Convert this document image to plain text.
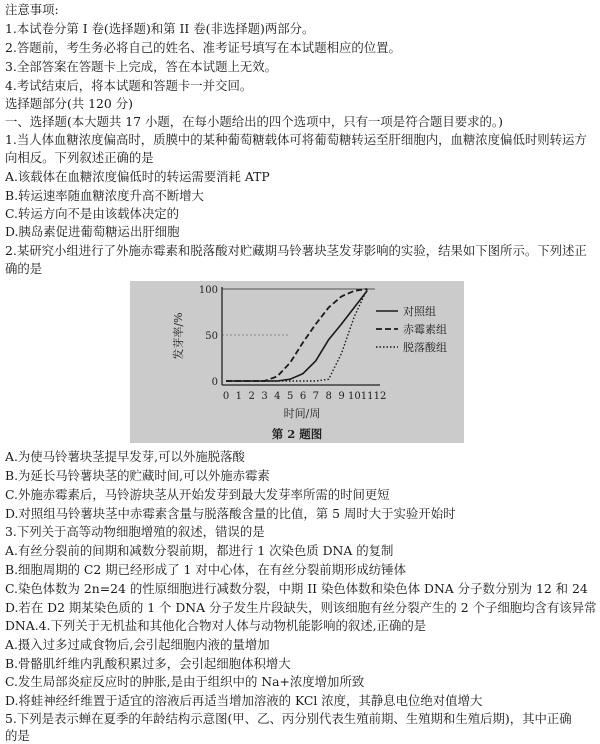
注意事项:
1.本试卷分第 I 卷(选择题)和第 II 卷(非选择题)两部分。
2.答题前，考生务必将自己的姓名、准考证号填写在本试题相应的位置。
3.全部答案在答题卡上完成，答在本试题上无效。
4.考试结束后，将本试题和答题卡一并交回。
选择题部分(共 120 分)
一、选择题(本大题共 17 小题，在每小题给出的四个选项中，只有一项是符合题目要求的。)
1.当人体血糖浓度偏高时，质膜中的某种葡萄糖载体可将葡萄糖转运至肝细胞内，血糖浓度偏低时则转运方
向相反。下列叙述正确的是
A.该载体在血糖浓度偏低时的转运需要消耗 ATP
B.转运速率随血糖浓度升高不断增大
C.转运方向不是由该载体决定的
D.胰岛素促进葡萄糖运出肝细胞
2.某研究小组进行了外施赤霉素和脱落酸对贮藏期马铃薯块茎发芽影响的实验，结果如下图所示。下列述正
确的是
0
50
100
0 1 2 3 4 5 6 7 8 9 10 11 12
对照组
赤霉素组
脱落酸组
发芽率/%
时间/周
第 2 题图
A.为使马铃薯块茎提早发芽,可以外施脱落酸
B.为延长马铃薯块茎的贮藏时间,可以外施赤霉素
C.外施赤霉素后，马铃游块茎从开始发芽到最大发芽率所需的时间更短
D.对照组马铃薯块茎中赤霉素含量与脱落酸含量的比值，第 5 周时大于实验开始时
3.下列关于高等动物细胞增殖的叙述，错误的是
A.有丝分裂前的间期和减数分裂前期，都进行 1 次染色质 DNA 的复制
B.细胞周期的 C2 期已经形成了 1 对中心体，在有丝分裂前期形成纺锤体
C.染色体数为 2n=24 的性原细胞进行减数分裂，中期 II 染色体数和染色体 DNA 分子数分别为 12 和 24
D.若在 D2 期某染色质的 1 个 DNA 分子发生片段缺失，则该细胞有丝分裂产生的 2 个子细胞均含有该异常
DNA.4.下列关于无机盐和其他化合物对人体与动物机能影响的叙述,正确的是
A.摄入过多过咸食物后,会引起细胞内液的量增加
B.骨骼肌纤维内乳酸积累过多，会引起细胞体积增大
C.发生局部炎症反应时的肿胀,是由于组织中的 Na+浓度增加所致
D.将蛙神经纤维置于适宜的溶液后再适当增加溶液的 KCl 浓度，其静息电位绝对值增大
5.下列是表示蝉在夏季的年龄结构示意图(甲、乙、丙分别代表生殖前期、生殖期和生殖后期)，其中正确
的是
